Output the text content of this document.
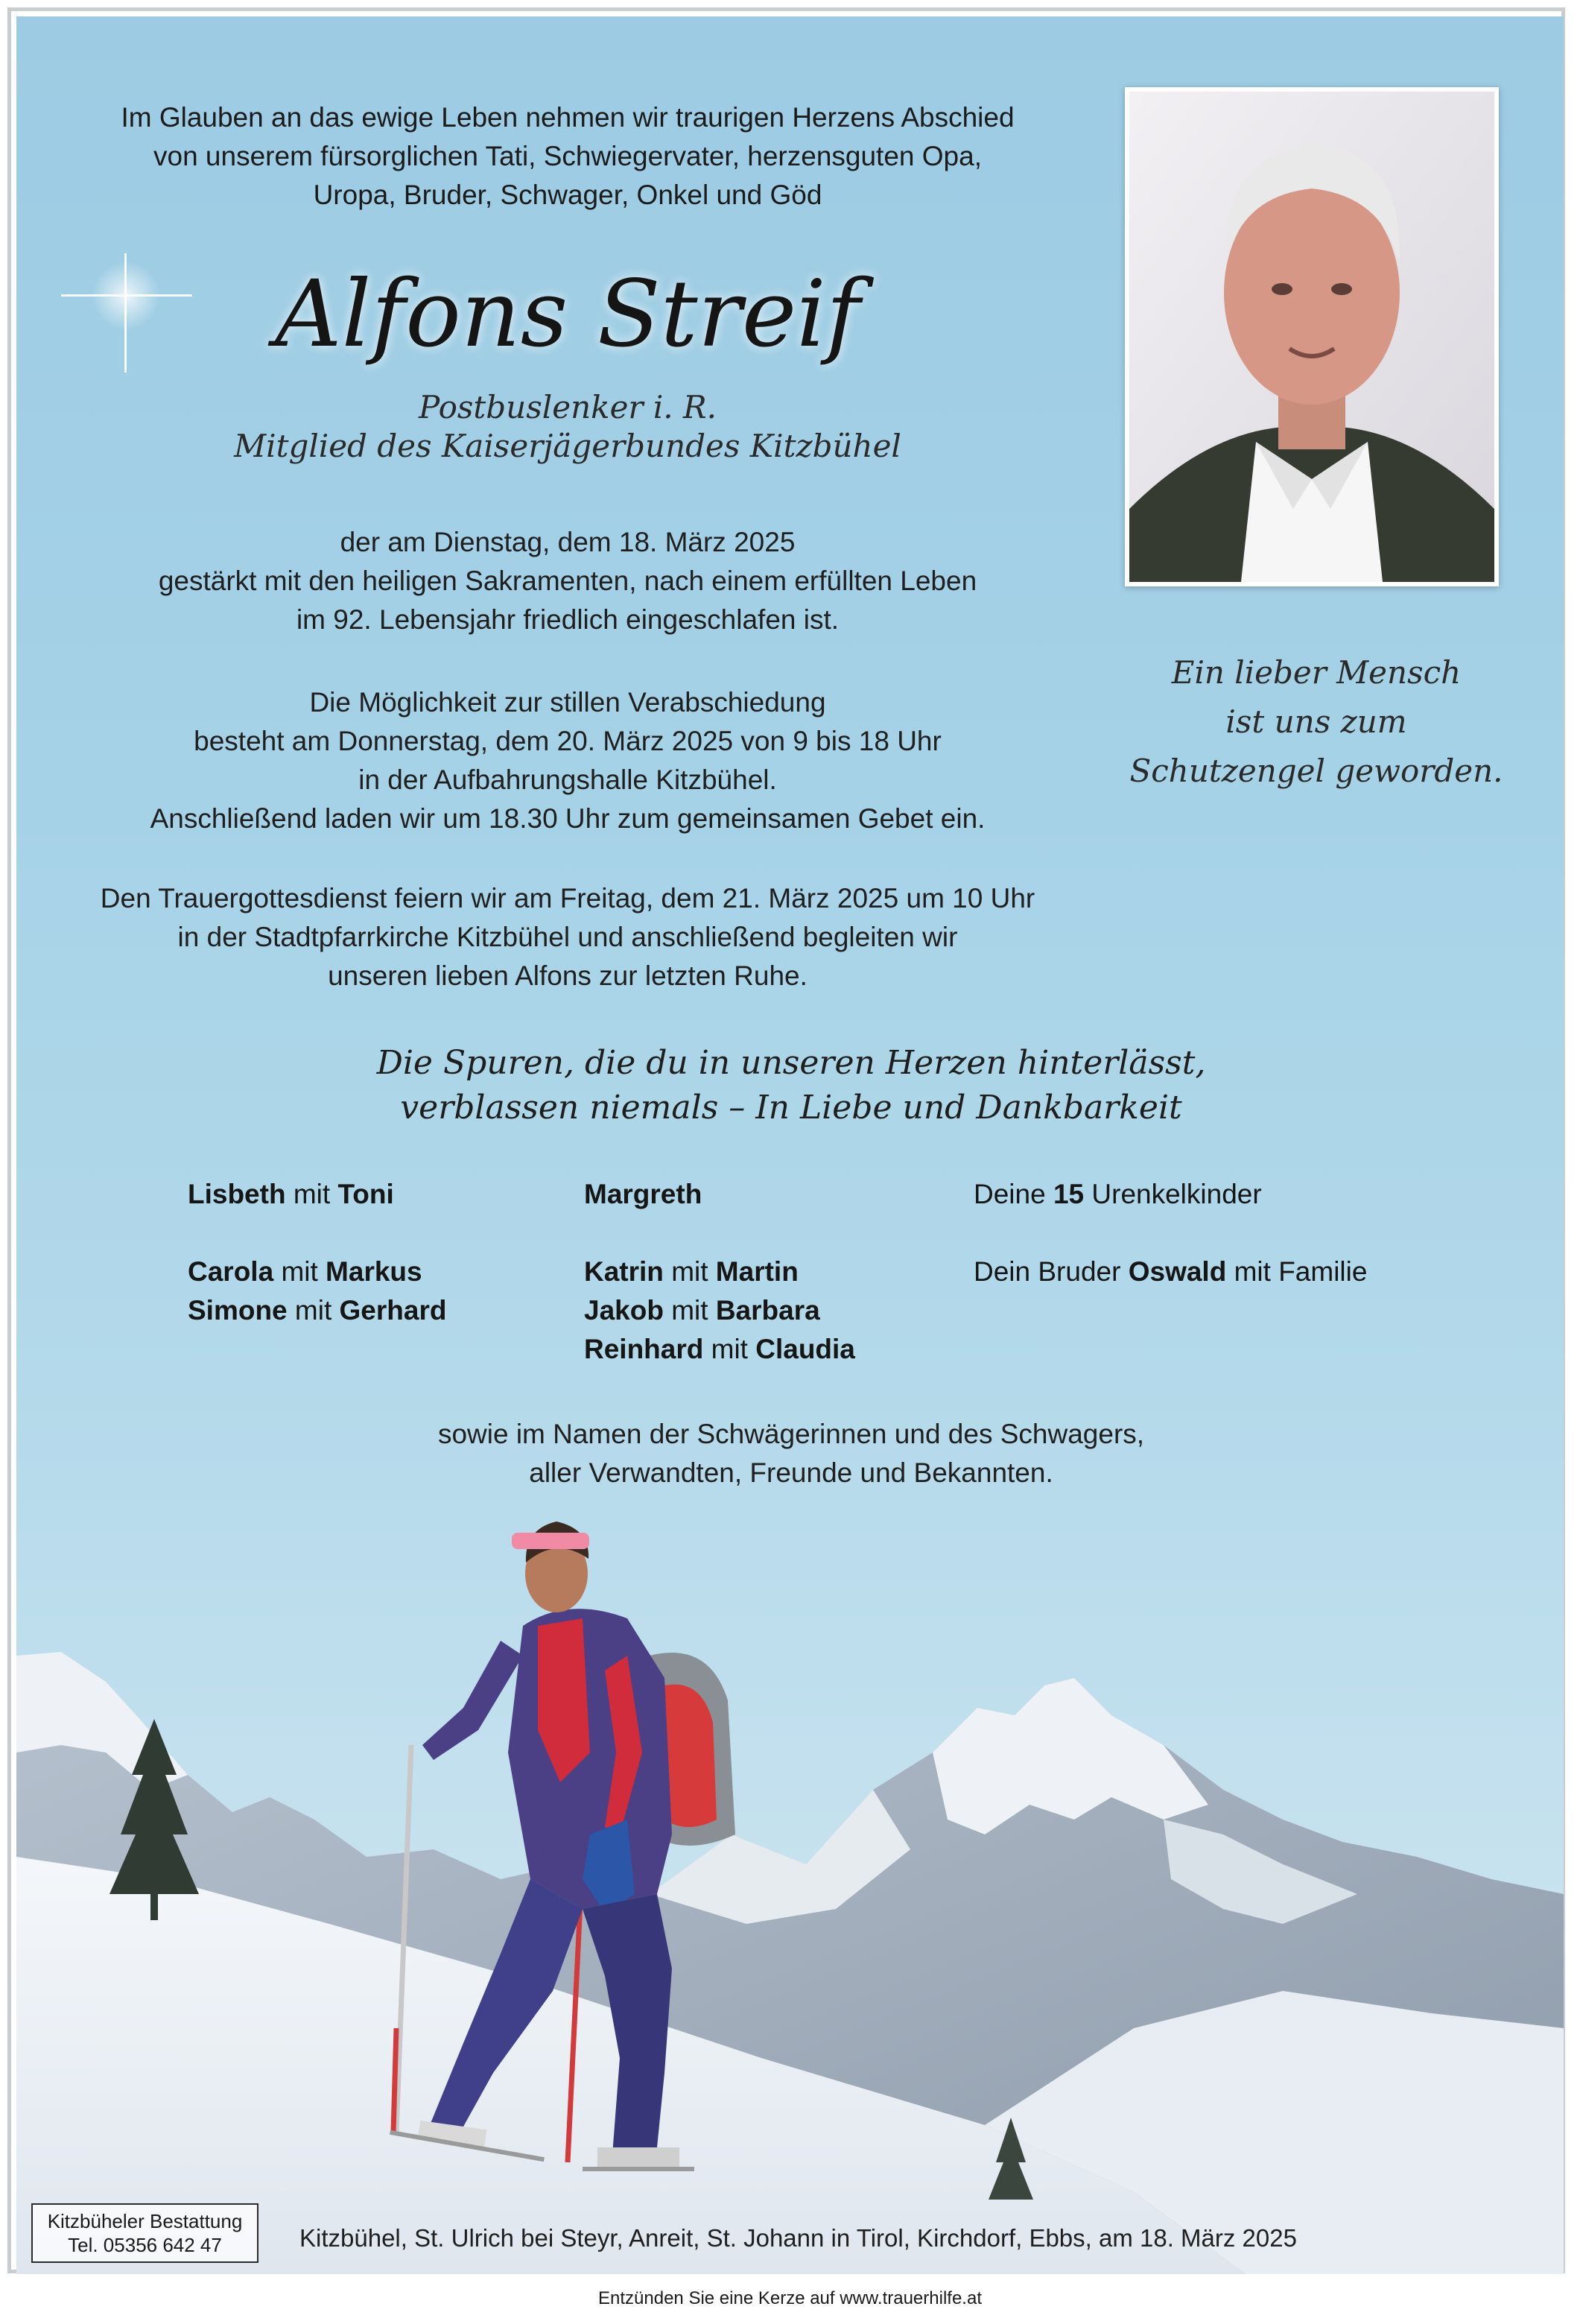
Im Glauben an das ewige Leben nehmen wir traurigen Herzens Abschied
von unserem fürsorglichen Tati, Schwiegervater, herzensguten Opa,
Uropa, Bruder, Schwager, Onkel und Göd
Alfons Streif
Postbuslenker i. R.
Mitglied des Kaiserjägerbundes Kitzbühel
der am Dienstag, dem 18. März 2025
gestärkt mit den heiligen Sakramenten, nach einem erfüllten Leben
im 92. Lebensjahr friedlich eingeschlafen ist.
Die Möglichkeit zur stillen Verabschiedung
besteht am Donnerstag, dem 20. März 2025 von 9 bis 18 Uhr
in der Aufbahrungshalle Kitzbühel.
Anschließend laden wir um 18.30 Uhr zum gemeinsamen Gebet ein.
Den Trauergottesdienst feiern wir am Freitag, dem 21. März 2025 um 10 Uhr
in der Stadtpfarrkirche Kitzbühel und anschließend begleiten wir
unseren lieben Alfons zur letzten Ruhe.
Ein lieber Mensch
ist uns zum
Schutzengel geworden.
Die Spuren, die du in unseren Herzen hinterlässt,
verblassen niemals – In Liebe und Dankbarkeit
Lisbeth mit Toni
Carola mit Markus
Simone mit Gerhard
Margreth
Katrin mit Martin
Jakob mit Barbara
Reinhard mit Claudia
Deine 15 Urenkelkinder
Dein Bruder Oswald mit Familie
sowie im Namen der Schwägerinnen und des Schwagers,
aller Verwandten, Freunde und Bekannten.
Kitzbüheler Bestattung
Tel. 05356 642 47	Kitzbühel, St. Ulrich bei Steyr, Anreit, St. Johann in Tirol, Kirchdorf, Ebbs, am 18. März 2025
Entzünden Sie eine Kerze auf www.trauerhilfe.at
